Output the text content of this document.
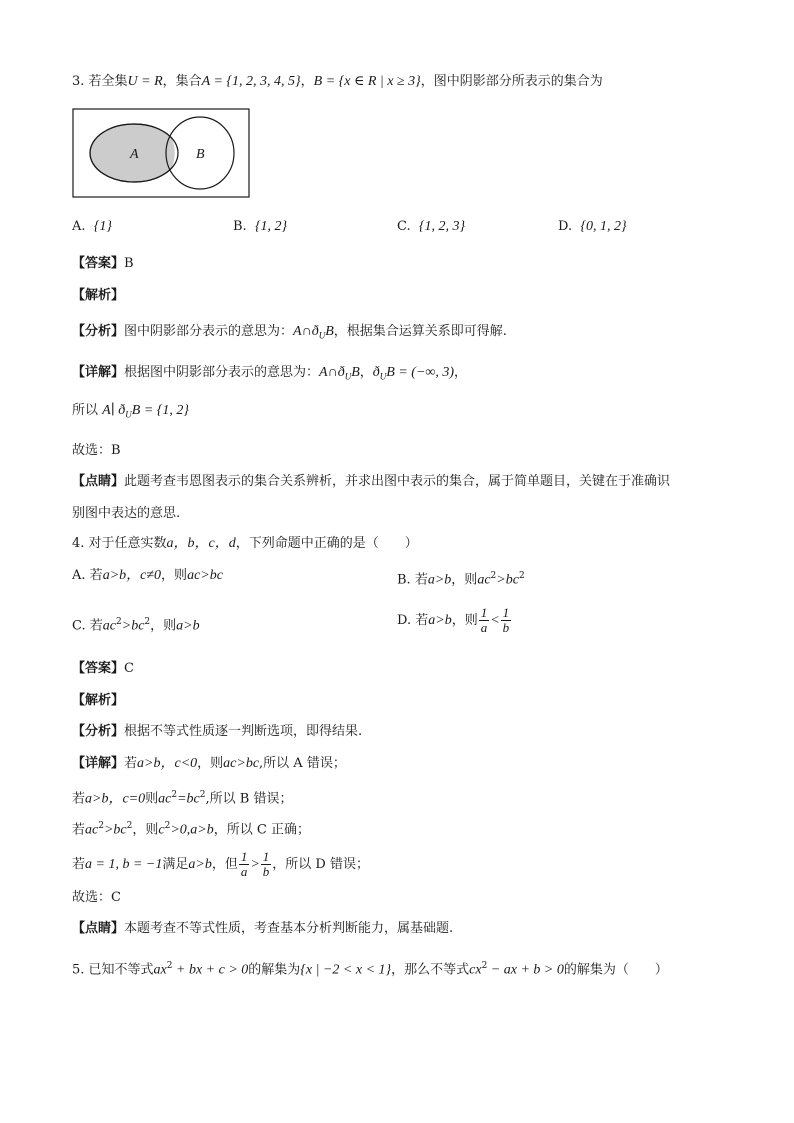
3. 若全集U = R，集合A = {1, 2, 3, 4, 5}，B = {x ∈ R | x ≥ 3}，图中阴影部分所表示的集合为
A	B
A. {1}	B. {1, 2}	C. {1, 2, 3}	D. {0, 1, 2}
【答案】B
【解析】
【分析】图中阴影部分表示的意思为：$A\cap ð_UB$，根据集合运算关系即可得解.
【详解】根据图中阴影部分表示的意思为：$A\cap ð_UB$，$ð_UB$ = (−∞, 3)，
所以 A∣ $ð_UB = \{1$, 2}
故选：B
【点睛】此题考查韦恩图表示的集合关系辨析，并求出图中表示的集合，属于简单题目，关键在于准确识
别图中表达的意思.
4. 对于任意实数a，b，c，d，下列命题中正确的是（　　）
A. 若a>b，c≠0，则ac>bc	B. 若a>b，则$ac^2>bc^2$
C. 若$ac^2>bc^2$，则a>b	D. 若a>b，则 $\frac{1}{a} < \frac{1}{b}$
【答案】C
【解析】
【分析】根据不等式性质逐一判断选项，即得结果.
【详解】若a>b，c<0，则ac>bc,所以 A 错误；
若a>b，c=0则$ac^2=bc^2$,所以 B 错误；
若$ac^2>bc^2$，则$c^2>0,a>b$，所以 C 正确；
若a = 1, b = −1满足a>b，但 $\frac{1}{a} > \frac{1}{b}$ ，所以 D 错误；
故选：C
【点睛】本题考查不等式性质，考查基本分析判断能力，属基础题.
5. 已知不等式$ax^2$ + bx + c > 0的解集为{x | −2 < x < 1}，那么不等式$cx^2$ − ax + b > 0的解集为（　　）
